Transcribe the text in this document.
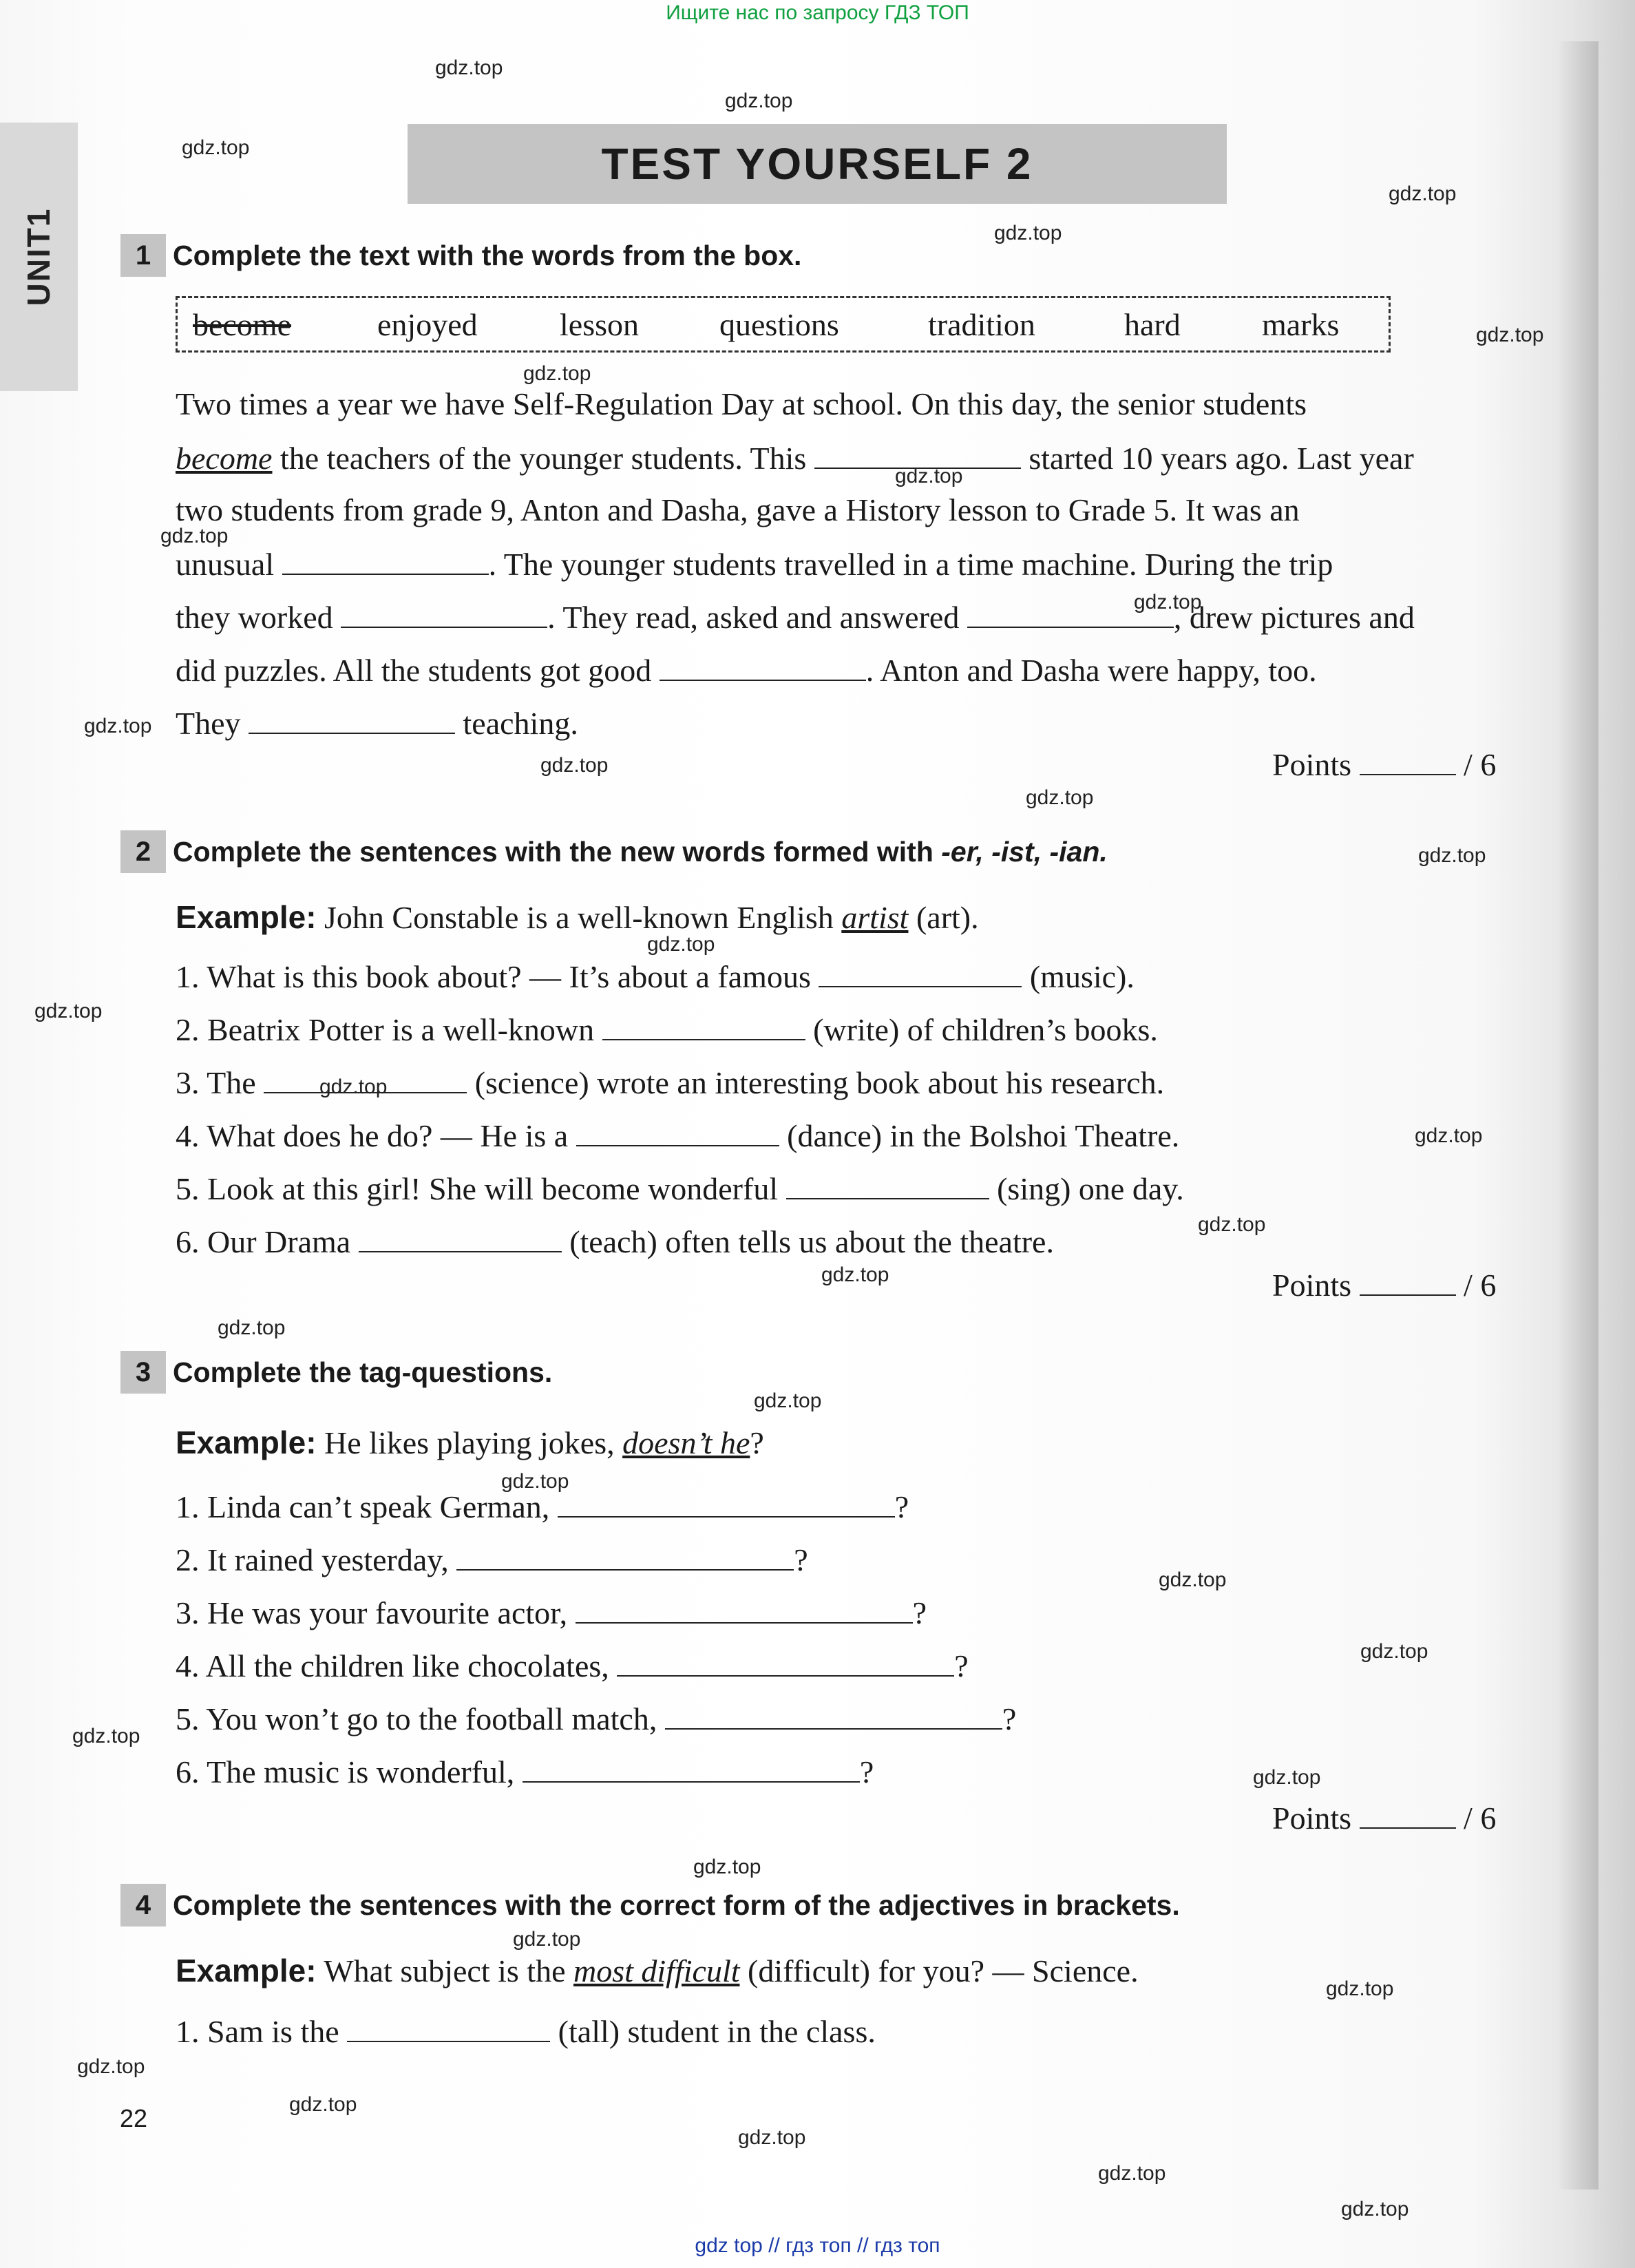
Ищите нас по запросу ГДЗ ТОП
UNIT1
TEST YOURSELF 2
1 Complete the text with the words from the box.
become	enjoyed	lesson	questions	tradition	hard	marks
Two times a year we have Self-Regulation Day at school. On this day, the senior students
become the teachers of the younger students. This	started 10 years ago. Last year
two students from grade 9, Anton and Dasha, gave a History lesson to Grade 5. It was an
unusual	. The younger students travelled in a time machine. During the trip
they worked	. They read, asked and answered	, drew pictures and
did puzzles. All the students got good	. Anton and Dasha were happy, too.
They	teaching.
Points	/ 6
2 Complete the sentences with the new words formed with -er, -ist, -ian.
Example: John Constable is a well-known English artist (art).
1. What is this book about? — It’s about a famous	(music).
2. Beatrix Potter is a well-known	(write) of children’s books.
3. The	(science) wrote an interesting book about his research.
4. What does he do? — He is a	(dance) in the Bolshoi Theatre.
5. Look at this girl! She will become wonderful	(sing) one day.
6. Our Drama	(teach) often tells us about the theatre.
Points	/ 6
3 Complete the tag-questions.
Example: He likes playing jokes, doesn’t he?
1. Linda can’t speak German,	?
2. It rained yesterday,	?
3. He was your favourite actor,	?
4. All the children like chocolates,	?
5. You won’t go to the football match,	?
6. The music is wonderful,	?
Points	/ 6
4 Complete the sentences with the correct form of the adjectives in brackets.
Example: What subject is the most difficult (difficult) for you? — Science.
1. Sam is the	(tall) student in the class.
22
gdz.top
gdz.top
gdz.top
gdz.top
gdz.top
gdz.top
gdz.top
gdz.top
gdz.top
gdz.top
gdz.top
gdz.top
gdz.top
gdz.top
gdz.top
gdz.top
gdz.top
gdz.top
gdz.top
gdz.top
gdz.top
gdz.top
gdz.top
gdz.top
gdz.top
gdz.top
gdz.top
gdz.top
gdz.top
gdz.top
gdz.top
gdz.top
gdz.top
gdz.top
gdz.top
gdz top // гдз топ // гдз топ
